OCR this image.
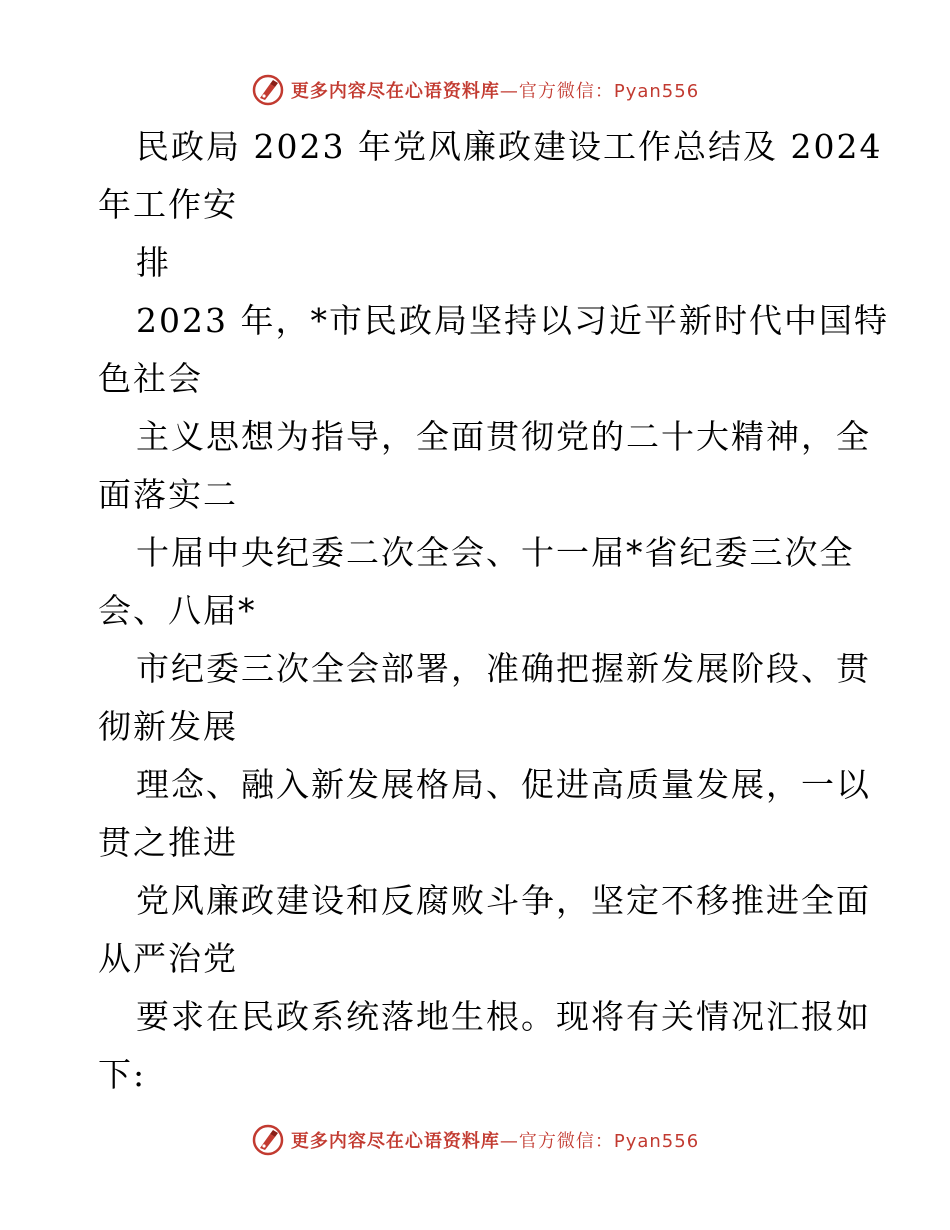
更多内容尽在心语资料库—官方微信：Pyan556
民政局 2023 年党风廉政建设工作总结及 2024
年工作安
排
2023 年，*市民政局坚持以习近平新时代中国特
色社会
主义思想为指导，全面贯彻党的二十大精神，全
面落实二
十届中央纪委二次全会、十一届*省纪委三次全
会、八届*
市纪委三次全会部署，准确把握新发展阶段、贯
彻新发展
理念、融入新发展格局、促进高质量发展，一以
贯之推进
党风廉政建设和反腐败斗争，坚定不移推进全面
从严治党
要求在民政系统落地生根。现将有关情况汇报如
下:
更多内容尽在心语资料库—官方微信：Pyan556
